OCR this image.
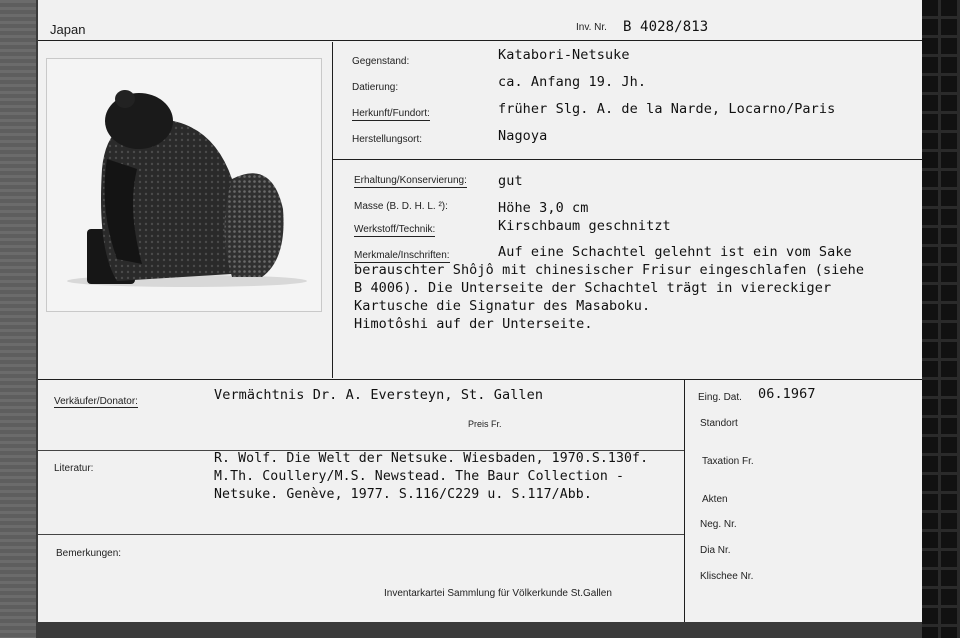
Japan	Inv. Nr. B 4028/813
Gegenstand:	Katabori-Netsuke
Datierung:	ca. Anfang 19. Jh.
Herkunft/Fundort:	früher Slg. A. de la Narde, Locarno/Paris
Herstellungsort:	Nagoya
Erhaltung/Konservierung: gut
Masse (B. D. H. L. ²):	Höhe 3,0 cm
Werkstoff/Technik:	Kirschbaum geschnitzt
Merkmale/Inschriften:	Auf eine Schachtel gelehnt ist ein vom Sake
berauschter Shôjô mit chinesischer Frisur eingeschlafen (siehe
B 4006). Die Unterseite der Schachtel trägt in viereckiger
Kartusche die Signatur des Masaboku.
Himotôshi auf der Unterseite.
Verkäufer/Donator:	Vermächtnis Dr. A. Eversteyn, St. Gallen
Preis Fr.
Literatur:
R. Wolf. Die Welt der Netsuke. Wiesbaden, 1970.S.130f.
M.Th. Coullery/M.S. Newstead. The Baur Collection -
Netsuke. Genève, 1977. S.116/C229 u. S.117/Abb.
Bemerkungen:
Inventarkartei Sammlung für Völkerkunde St.Gallen
Eing. Dat. 06.1967
Standort
Taxation Fr.
Akten
Neg. Nr.
Dia Nr.
Klischee Nr.
